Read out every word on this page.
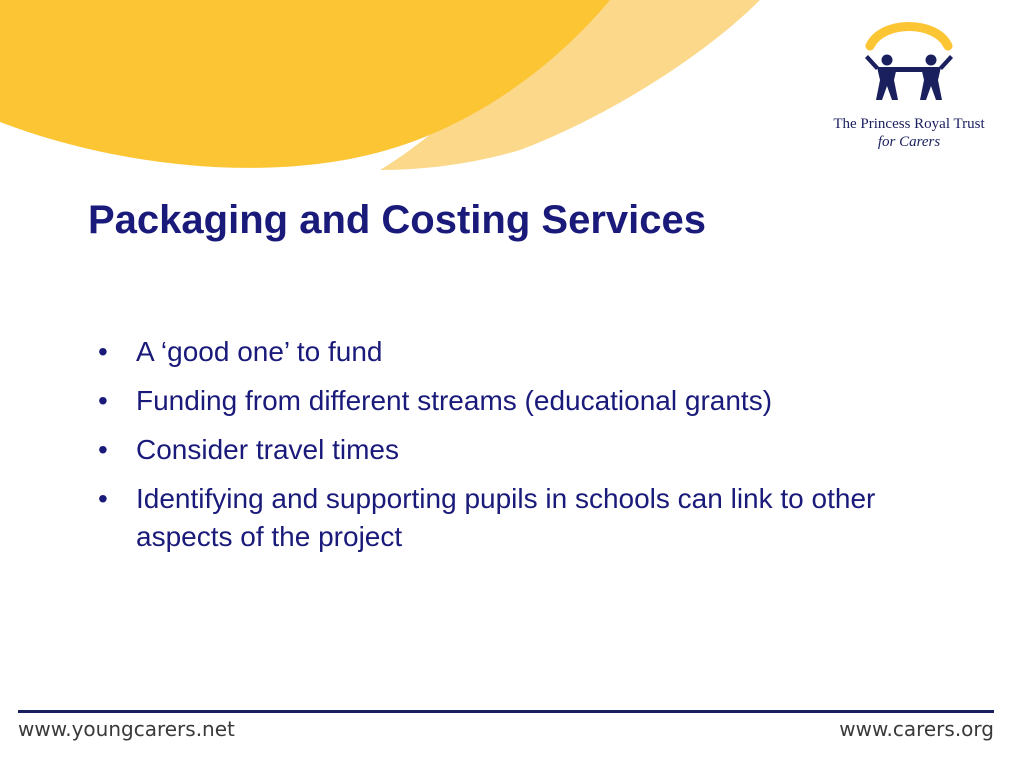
The Princess Royal Trust
for Carers
Packaging and Costing Services
• A ‘good one’ to fund
• Funding from different streams (educational grants)
• Consider travel times
• Identifying and supporting pupils in schools can link to other aspects of the project
www.youngcarers.net	www.carers.org
